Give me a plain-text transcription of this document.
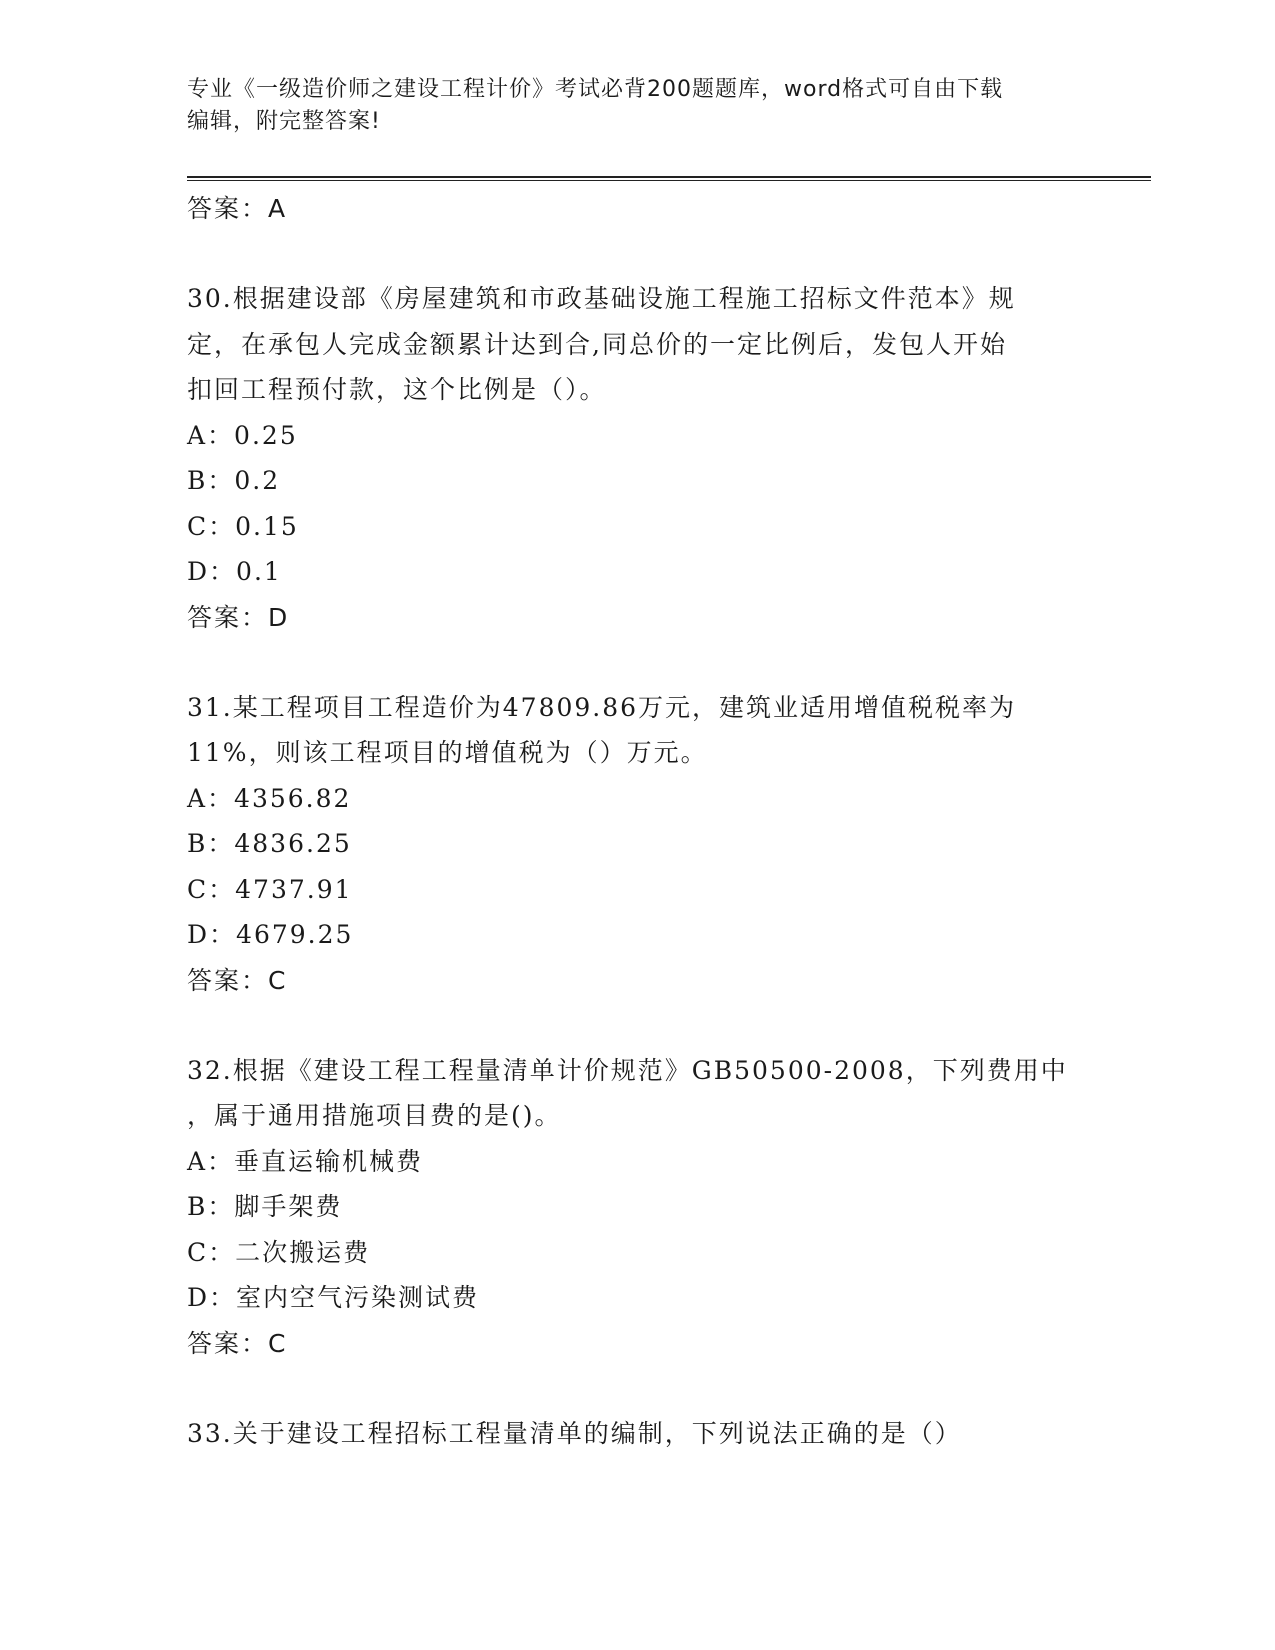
专业《一级造价师之建设工程计价》考试必背200题题库，word格式可自由下载
编辑，附完整答案!
答案：A
30.根据建设部《房屋建筑和市政基础设施工程施工招标文件范本》规
定，在承包人完成金额累计达到合,同总价的一定比例后，发包人开始
扣回工程预付款，这个比例是（）。
A：0.25
B：0.2
C：0.15
D：0.1
答案：D
31.某工程项目工程造价为47809.86万元，建筑业适用增值税税率为
11%，则该工程项目的增值税为（）万元。
A：4356.82
B：4836.25
C：4737.91
D：4679.25
答案：C
32.根据《建设工程工程量清单计价规范》GB50500-2008，下列费用中
，属于通用措施项目费的是()。
A：垂直运输机械费
B：脚手架费
C：二次搬运费
D：室内空气污染测试费
答案：C
33.关于建设工程招标工程量清单的编制，下列说法正确的是（）
